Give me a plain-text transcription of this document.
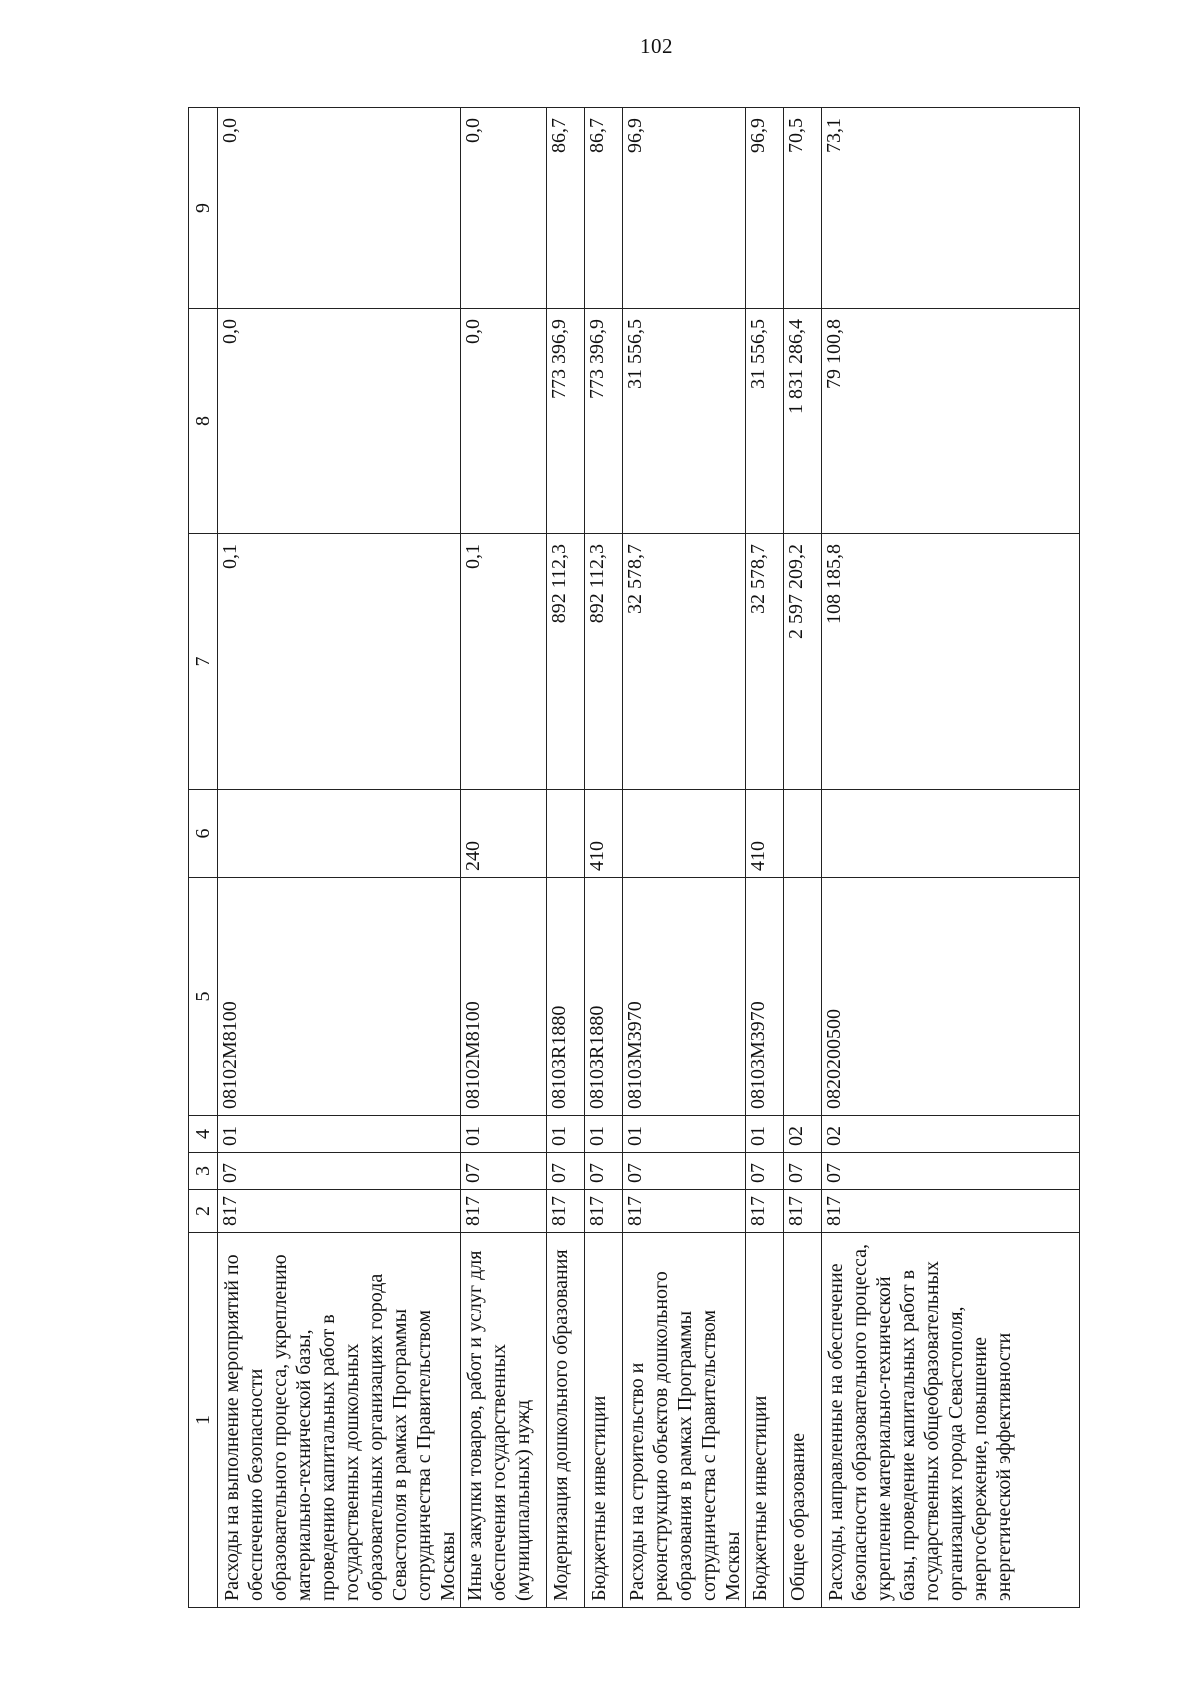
102
1	2	3	4	5	6	7	8	9

Расходы на выполнение мероприятий по обеспечению безопасности образовательного процесса, укреплению материально-технической базы, проведению капитальных работ в государственных дошкольных образовательных организациях города Севастополя в рамках Программы сотрудничества с Правительством Москвы	817	07	01	08102M8100		0,1	0,0	0,0

Иные закупки товаров, работ и услуг для обеспечения государственных (муниципальных) нужд	817	07	01	08102M8100	240	0,1	0,0	0,0

Модернизация дошкольного образования	817	07	01	08103R1880		892 112,3	773 396,9	86,7

Бюджетные инвестиции	817	07	01	08103R1880	410	892 112,3	773 396,9	86,7

Расходы на строительство и реконструкцию объектов дошкольного образования в рамках Программы сотрудничества с Правительством Москвы	817	07	01	08103M3970		32 578,7	31 556,5	96,9

Бюджетные инвестиции	817	07	01	08103M3970	410	32 578,7	31 556,5	96,9

Общее образование	817	07	02			2 597 209,2	1 831 286,4	70,5

Расходы, направленные на обеспечение безопасности образовательного процесса, укрепление материально-технической базы, проведение капитальных работ в государственных общеобразовательных организациях города Севастополя, энергосбережение, повышение энергетической эффективности	817	07	02	0820200500		108 185,8	79 100,8	73,1
